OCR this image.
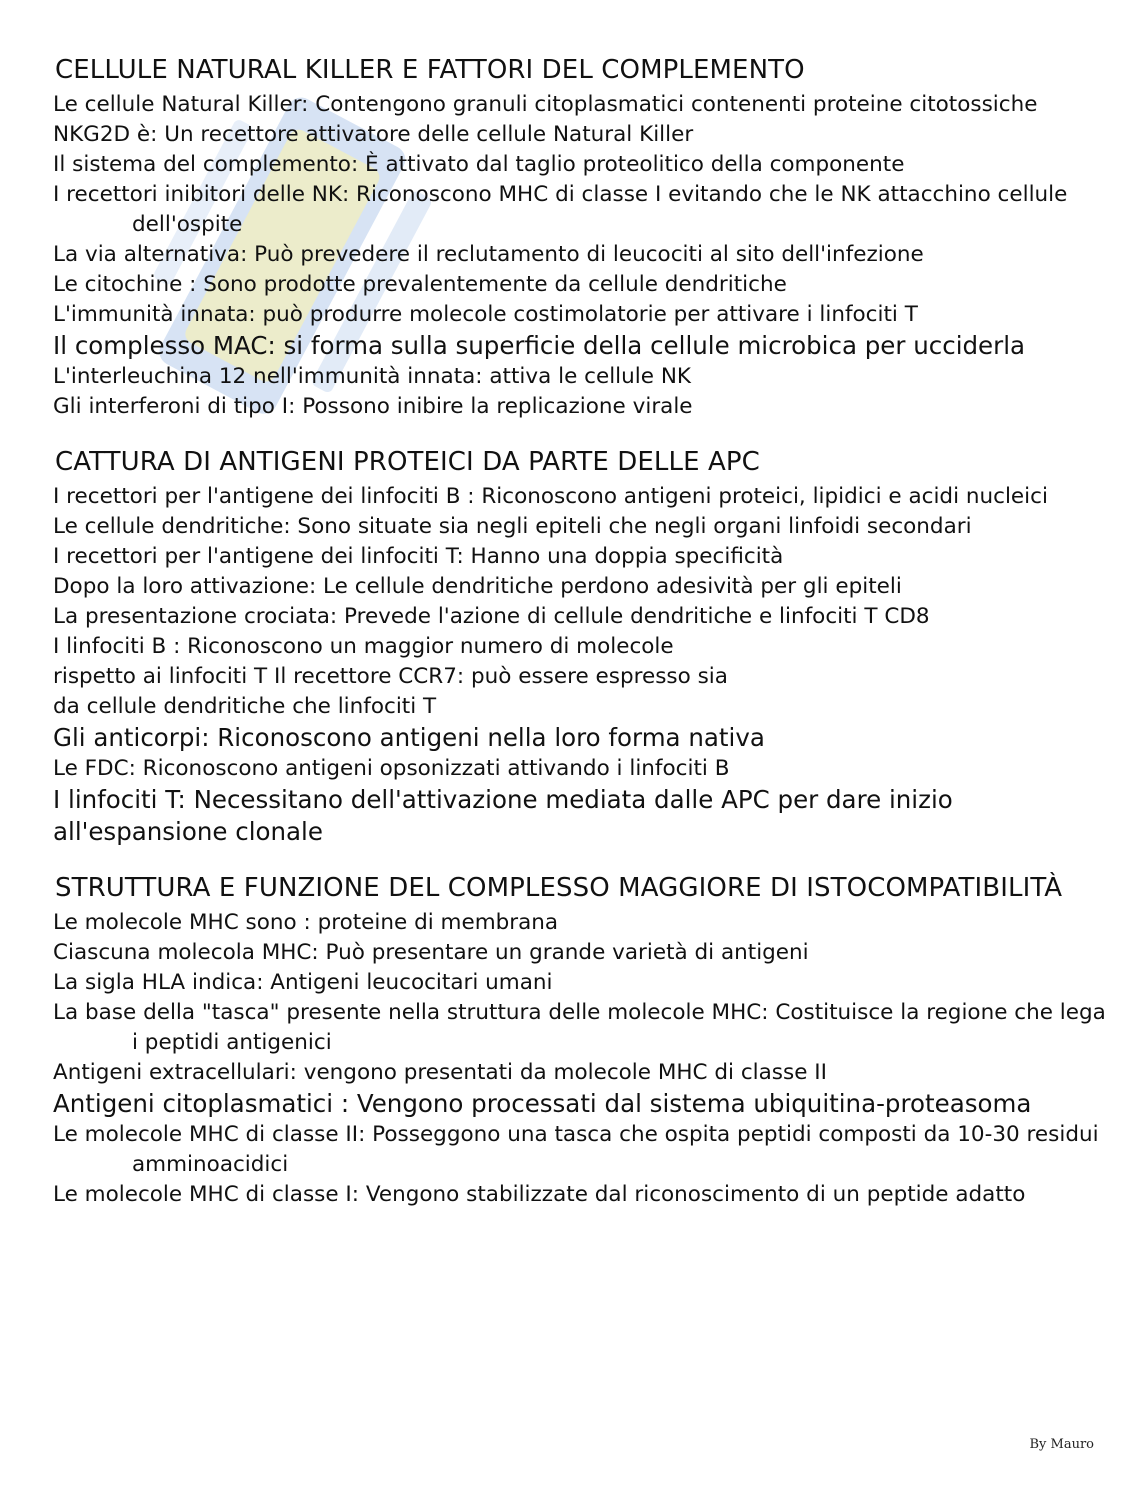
CELLULE NATURAL KILLER E FATTORI DEL COMPLEMENTO
Le cellule Natural Killer: Contengono granuli citoplasmatici contenenti proteine citotossiche NKG2D è: Un recettore attivatore delle cellule Natural Killer
Il sistema del complemento: È attivato dal taglio proteolitico della componente
I recettori inibitori delle NK: Riconoscono MHC di classe I evitando che le NK attacchino cellule dell'ospite
La via alternativa: Può prevedere il reclutamento di leucociti al sito dell'infezione
Le citochine : Sono prodotte prevalentemente da cellule dendritiche
L'immunità innata: può produrre molecole costimolatorie per attivare i linfociti T
Il complesso MAC: si forma sulla superficie della cellule microbica per ucciderla
L'interleuchina 12 nell'immunità innata: attiva le cellule NK
Gli interferoni di tipo I: Possono inibire la replicazione virale
CATTURA DI ANTIGENI PROTEICI DA PARTE DELLE APC
I recettori per l'antigene dei linfociti B : Riconoscono antigeni proteici, lipidici e acidi nucleici
Le cellule dendritiche: Sono situate sia negli epiteli che negli organi linfoidi secondari
I recettori per l'antigene dei linfociti T: Hanno una doppia specificità
Dopo la loro attivazione: Le cellule dendritiche perdono adesività per gli epiteli
La presentazione crociata: Prevede l'azione di cellule dendritiche e linfociti T CD8
I linfociti B : Riconoscono un maggior numero di molecole
rispetto ai linfociti T Il recettore CCR7: può essere espresso sia
da cellule dendritiche che linfociti T
Gli anticorpi: Riconoscono antigeni nella loro forma nativa
Le FDC: Riconoscono antigeni opsonizzati attivando i linfociti B
I linfociti T: Necessitano dell'attivazione mediata dalle APC per dare inizio all'espansione clonale
STRUTTURA E FUNZIONE DEL COMPLESSO MAGGIORE DI ISTOCOMPATIBILITÀ
Le molecole MHC sono : proteine di membrana
Ciascuna molecola MHC: Può presentare un grande varietà di antigeni
La sigla HLA indica: Antigeni leucocitari umani
La base della "tasca" presente nella struttura delle molecole MHC: Costituisce la regione che lega i peptidi antigenici
Antigeni extracellulari: vengono presentati da molecole MHC di classe II
Antigeni citoplasmatici : Vengono processati dal sistema ubiquitina-proteasoma
Le molecole MHC di classe II: Posseggono una tasca che ospita peptidi composti da 10-30 residui amminoacidici
Le molecole MHC di classe I: Vengono stabilizzate dal riconoscimento di un peptide adatto
By Mauro
